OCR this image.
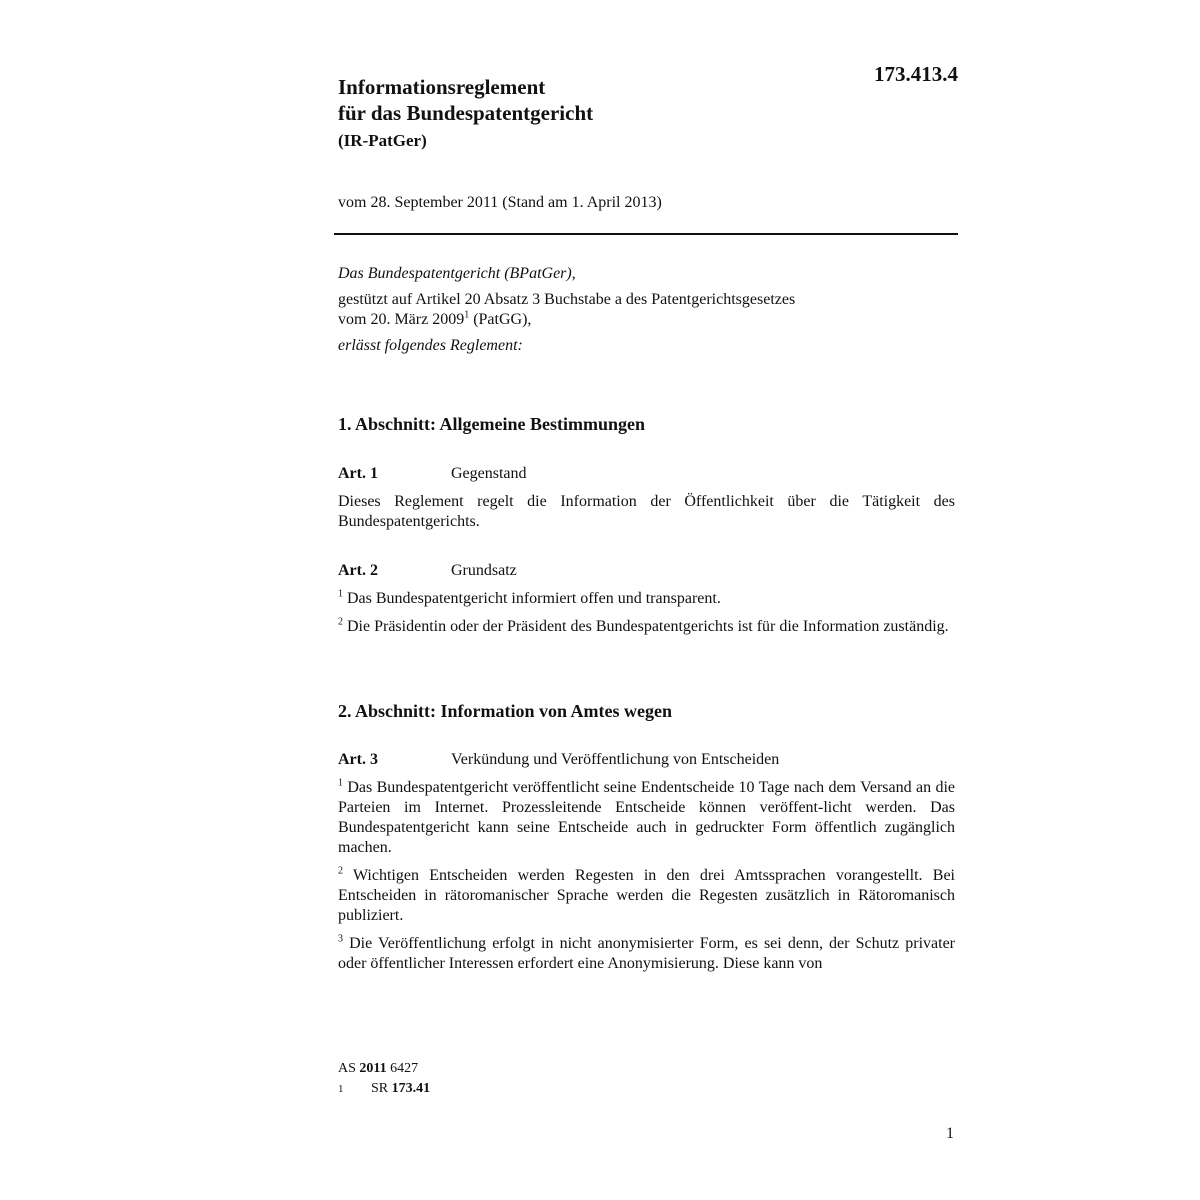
173.413.4
Informationsreglement
für das Bundespatentgericht
(IR-PatGer)
vom 28. September 2011 (Stand am 1. April 2013)

Das Bundespatentgericht (BPatGer),

gestützt auf Artikel 20 Absatz 3 Buchstabe a des Patentgerichtsgesetzes

vom 20. März 2009$^1$ (PatGG),

erlässt folgendes Reglement:

1. Abschnitt: Allgemeine Bestimmungen
Art. 1	Gegenstand

Dieses Reglement regelt die Information der Öffentlichkeit über die Tätigkeit des Bundespatentgerichts.

Art. 2	Grundsatz

$^1$ Das Bundespatentgericht informiert offen und transparent.

$^2$ Die Präsidentin oder der Präsident des Bundespatentgerichts ist für die Information zuständig.

2. Abschnitt: Information von Amtes wegen
Art. 3	Verkündung und Veröffentlichung von Entscheiden

$^1$ Das Bundespatentgericht veröffentlicht seine Endentscheide 10 Tage nach dem Versand an die Parteien im Internet. Prozessleitende Entscheide können veröffent-licht werden. Das Bundespatentgericht kann seine Entscheide auch in gedruckter Form öffentlich zugänglich machen.

$^2$ Wichtigen Entscheiden werden Regesten in den drei Amtssprachen vorangestellt. Bei Entscheiden in rätoromanischer Sprache werden die Regesten zusätzlich in Rätoromanisch publiziert.

$^3$ Die Veröffentlichung erfolgt in nicht anonymisierter Form, es sei denn, der Schutz privater oder öffentlicher Interessen erfordert eine Anonymisierung. Diese kann von

AS 2011 6427
1	SR 173.41
1
